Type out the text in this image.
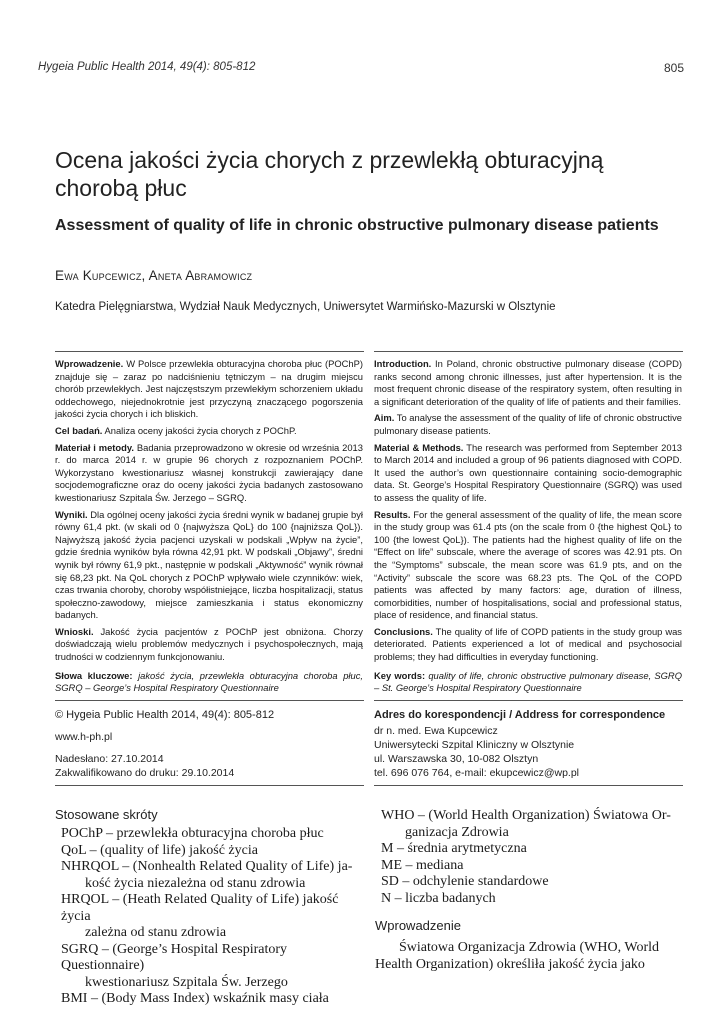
Hygeia Public Health 2014, 49(4): 805-812	805
Ocena jakości życia chorych z przewlekłą obturacyjną
chorobą płuc
Assessment of quality of life in chronic obstructive pulmonary disease patients
Ewa Kupcewicz, Aneta Abramowicz
Katedra Pielęgniarstwa, Wydział Nauk Medycznych, Uniwersytet Warmińsko-Mazurski w Olsztynie

Wprowadzenie. W Polsce przewlekła obturacyjna choroba płuc (POChP) znajduje się – zaraz po nadciśnieniu tętniczym – na drugim miejscu chorób przewlekłych. Jest najczęstszym przewlekłym schorzeniem układu oddechowego, niejednokrotnie jest przyczyną znaczącego pogorszenia jakości życia chorych i ich bliskich.

Cel badań. Analiza oceny jakości życia chorych z POChP.

Materiał i metody. Badania przeprowadzono w okresie od września 2013 r. do marca 2014 r. w grupie 96 chorych z rozpoznaniem POChP. Wykorzystano kwestionariusz własnej konstrukcji zawierający dane socjodemograficzne oraz do oceny jakości życia badanych zastosowano kwestionariusz Szpitala Św. Jerzego – SGRQ.

Wyniki. Dla ogólnej oceny jakości życia średni wynik w badanej grupie był równy 61,4 pkt. (w skali od 0 {najwyższa QoL} do 100 {najniższa QoL}). Najwyższą jakość życia pacjenci uzyskali w podskali „Wpływ na życie”, gdzie średnia wyników była równa 42,91 pkt. W podskali „Objawy”, średni wynik był równy 61,9 pkt., następnie w podskali „Aktywność” wynik równał się 68,23 pkt. Na QoL chorych z POChP wpływało wiele czynników: wiek, czas trwania choroby, choroby współistniejące, liczba hospitalizacji, status społeczno-zawodowy, miejsce zamieszkania i status ekonomiczny badanych.

Wnioski. Jakość życia pacjentów z POChP jest obniżona. Chorzy doświadczają wielu problemów medycznych i psychospołecznych, mają trudności w codziennym funkcjonowaniu.

Słowa kluczowe: jakość życia, przewlekła obturacyjna choroba płuc, SGRQ – George’s Hospital Respiratory Questionnaire

Introduction. In Poland, chronic obstructive pulmonary disease (COPD) ranks second among chronic illnesses, just after hypertension. It is the most frequent chronic disease of the respiratory system, often resulting in a significant deterioration of the quality of life of patients and their families.

Aim. To analyse the assessment of the quality of life of chronic obstructive pulmonary disease patients.

Material & Methods. The research was performed from September 2013 to March 2014 and included a group of 96 patients diagnosed with COPD. It used the author’s own questionnaire containing socio-demographic data. St. George’s Hospital Respiratory Questionnaire (SGRQ) was used to assess the quality of life.

Results. For the general assessment of the quality of life, the mean score in the study group was 61.4 pts (on the scale from 0 {the highest QoL} to 100 {the lowest QoL}). The patients had the highest quality of life on the “Effect on life” subscale, where the average of scores was 42.91 pts. On the “Symptoms” subscale, the mean score was 61.9 pts, and on the “Activity” subscale the score was 68.23 pts. The QoL of the COPD patients was affected by many factors: age, duration of illness, comorbidities, number of hospitalisations, social and professional status, place of residence, and financial status.

Conclusions. The quality of life of COPD patients in the study group was deteriorated. Patients experienced a lot of medical and psychosocial problems; they had difficulties in everyday functioning.

Key words: quality of life, chronic obstructive pulmonary disease, SGRQ – St. George’s Hospital Respiratory Questionnaire

© Hygeia Public Health 2014, 49(4): 805-812
www.h-ph.pl
Nadesłano: 27.10.2014
Zakwalifikowano do druku: 29.10.2014
Adres do korespondencji / Address for correspondence
dr n. med. Ewa Kupcewicz
Uniwersytecki Szpital Kliniczny w Olsztynie
ul. Warszawska 30, 10-082 Olsztyn
tel. 696 076 764, e-mail: ekupcewicz@wp.pl
Stosowane skróty
POChP – przewlekła obturacyjna choroba płuc
QoL – (quality of life) jakość życia
NHRQOL – (Nonhealth Related Quality of Life) ja-
kość życia niezależna od stanu zdrowia
HRQOL – (Heath Related Quality of Life) jakość życia
zależna od stanu zdrowia
SGRQ – (George’s Hospital Respiratory Questionnaire)
kwestionariusz Szpitala Św. Jerzego
BMI – (Body Mass Index) wskaźnik masy ciała
WHO – (World Health Organization) Światowa Or-
ganizacja Zdrowia
M – średnia arytmetyczna
ME – mediana
SD – odchylenie standardowe
N – liczba badanych
Wprowadzenie
Światowa Organizacja Zdrowia (WHO, World
Health Organization) określiła jakość życia jako
